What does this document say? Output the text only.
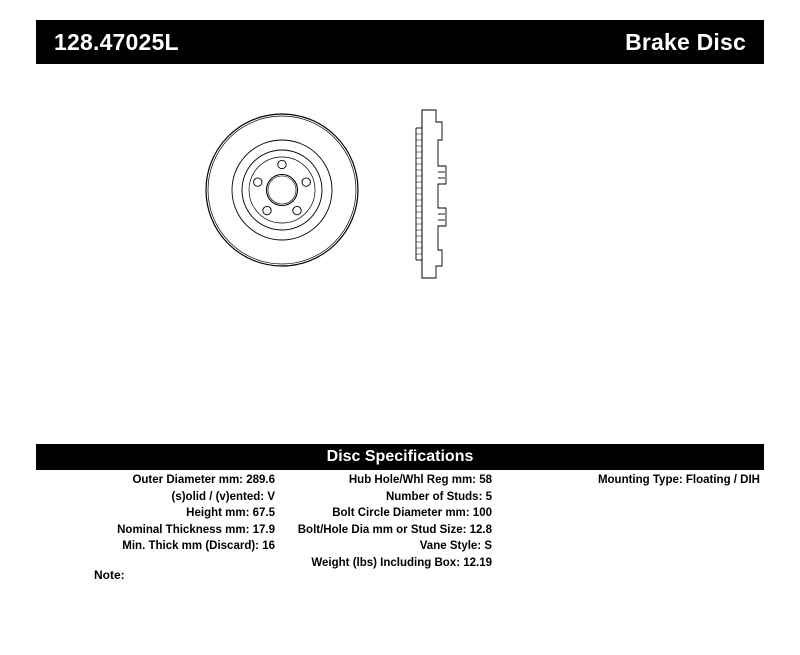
128.47025L	Brake Disc
Disc Specifications
Outer Diameter mm: 289.6
(s)olid / (v)ented: V
Height mm: 67.5
Nominal Thickness mm: 17.9
Min. Thick mm (Discard): 16
Hub Hole/Whl Reg mm: 58
Number of Studs: 5
Bolt Circle Diameter mm: 100
Bolt/Hole Dia mm or Stud Size: 12.8
Vane Style: S
Weight (lbs) Including Box: 12.19
Mounting Type: Floating / DIH
Note:
